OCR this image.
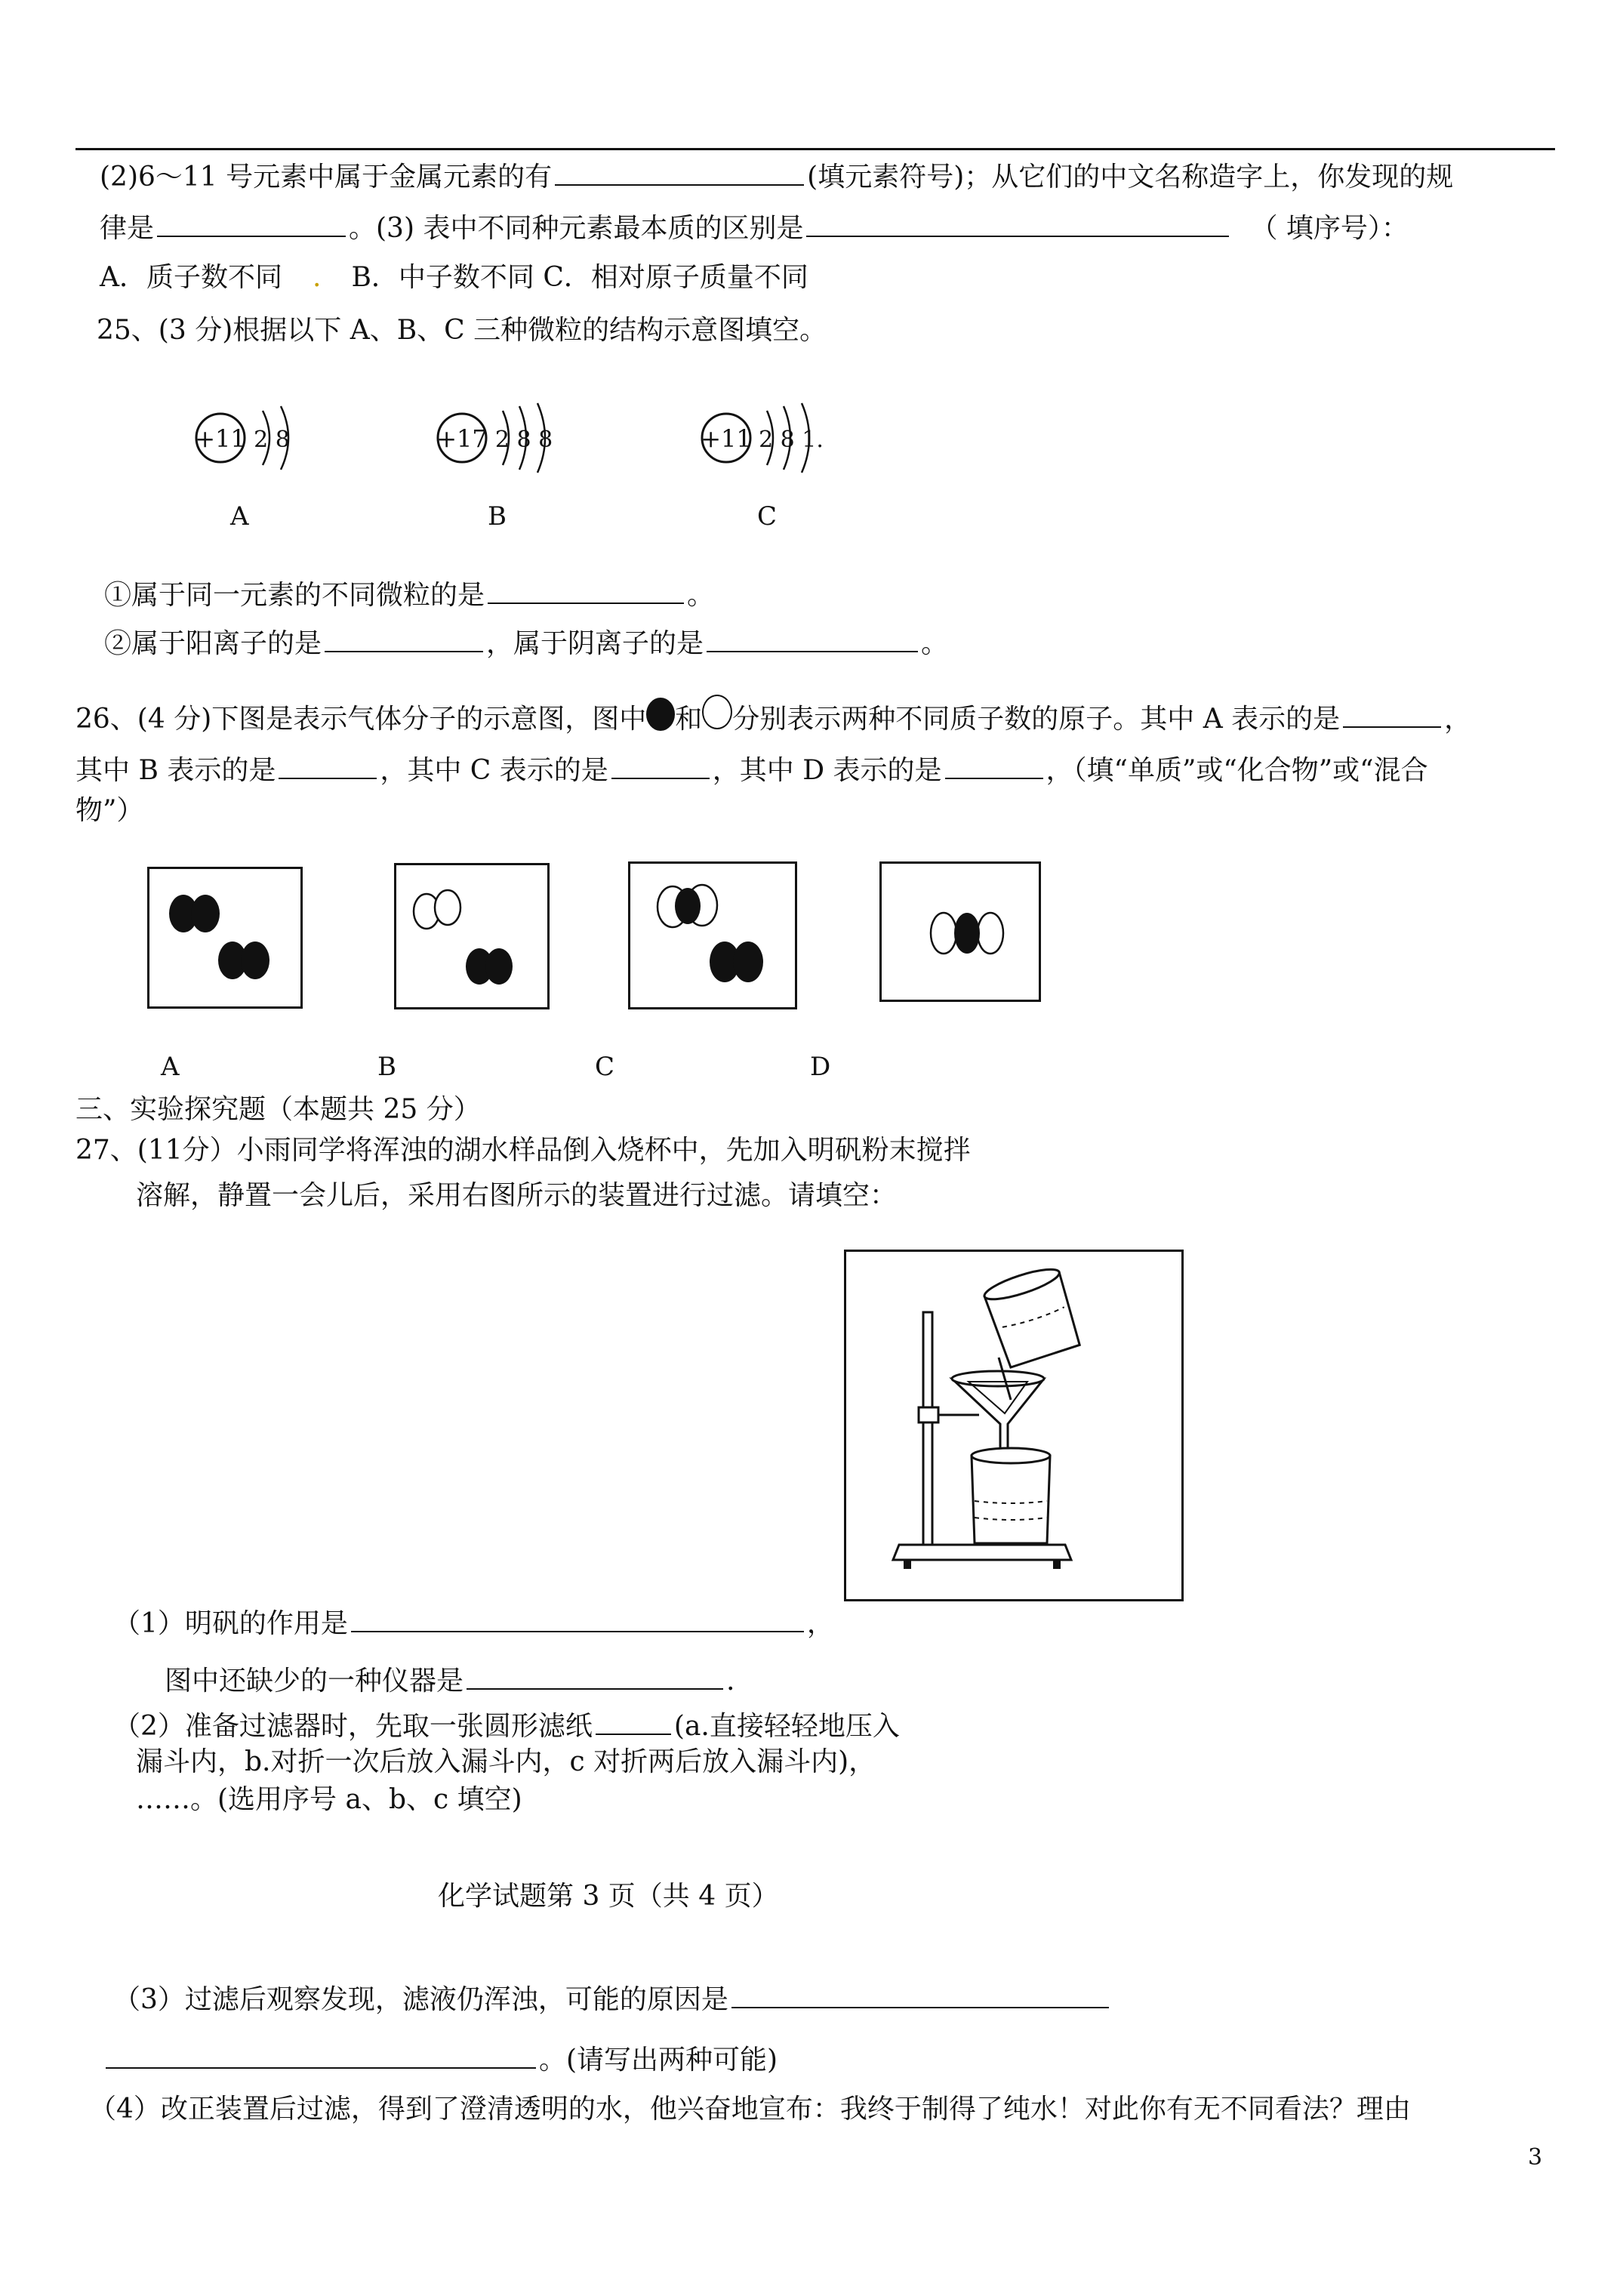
(2)6～11 号元素中属于金属元素的有	(填元素符号)；从它们的中文名称造字上，你发现的规
律是	。(3) 表中不同种元素最本质的区别是	（ 填序号）：
A．质子数不同 . B．中子数不同 C．相对原子质量不同
25、(3 分)根据以下 A、B、C 三种微粒的结构示意图填空。
+11 2 8	+17 2 8 8	+11 2 8 1.
A	B	C
①属于同一元素的不同微粒的是	。
②属于阳离子的是	，属于阴离子的是	。
26、(4 分)下图是表示气体分子的示意图，图中 和 分别表示两种不同质子数的原子。其中 A 表示的是	，
其中 B 表示的是	，其中 C 表示的是	，其中 D 表示的是	，（填“单质”或“化合物”或“混合
物”）
A	B	C	D
三、实验探究题（本题共 25 分）
27、(11分）小雨同学将浑浊的湖水样品倒入烧杯中，先加入明矾粉末搅拌
溶解，静置一会儿后，采用右图所示的装置进行过滤。请填空：
（1）明矾的作用是	，
图中还缺少的一种仪器是	.
（2）准备过滤器时，先取一张圆形滤纸	(a.直接轻轻地压入
漏斗内，b.对折一次后放入漏斗内，c 对折两后放入漏斗内)，
……。(选用序号 a、b、c 填空)
化学试题第 3 页（共 4 页）
（3）过滤后观察发现，滤液仍浑浊，可能的原因是
。(请写出两种可能)
（4）改正装置后过滤，得到了澄清透明的水，他兴奋地宣布：我终于制得了纯水！对此你有无不同看法？理由
3
